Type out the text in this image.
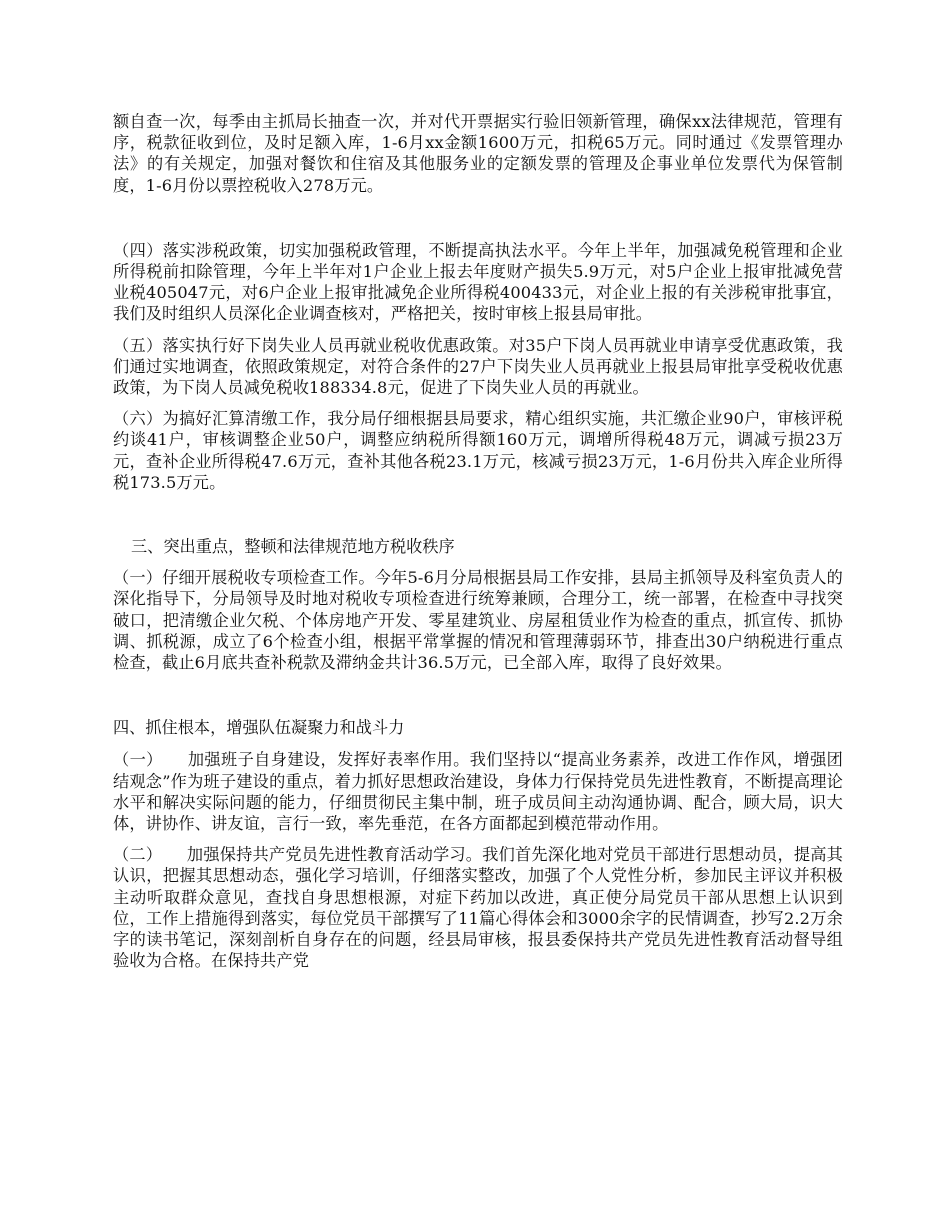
额自查一次，每季由主抓局长抽查一次，并对代开票据实行验旧领新管理，确保xx法律规范，管理有序，税款征收到位，及时足额入库，1-6月xx金额1600万元，扣税65万元。同时通过《发票管理办法》的有关规定，加强对餐饮和住宿及其他服务业的定额发票的管理及企事业单位发票代为保管制度，1-6月份以票控税收入278万元。

（四）落实涉税政策，切实加强税政管理，不断提高执法水平。今年上半年，加强减免税管理和企业所得税前扣除管理，今年上半年对1户企业上报去年度财产损失5.9万元，对5户企业上报审批减免营业税405047元，对6户企业上报审批减免企业所得税400433元，对企业上报的有关涉税审批事宜，我们及时组织人员深化企业调查核对，严格把关，按时审核上报县局审批。

（五）落实执行好下岗失业人员再就业税收优惠政策。对35户下岗人员再就业申请享受优惠政策，我们通过实地调查，依照政策规定，对符合条件的27户下岗失业人员再就业上报县局审批享受税收优惠政策，为下岗人员减免税收188334.8元，促进了下岗失业人员的再就业。

（六）为搞好汇算清缴工作，我分局仔细根据县局要求，精心组织实施，共汇缴企业90户，审核评税约谈41户，审核调整企业50户，调整应纳税所得额160万元，调增所得税48万元，调减亏损23万元，查补企业所得税47.6万元，查补其他各税23.1万元，核减亏损23万元，1-6月份共入库企业所得税173.5万元。

三、突出重点，整顿和法律规范地方税收秩序

（一）仔细开展税收专项检查工作。今年5-6月分局根据县局工作安排，县局主抓领导及科室负责人的深化指导下，分局领导及时地对税收专项检查进行统筹兼顾，合理分工，统一部署，在检查中寻找突破口，把清缴企业欠税、个体房地产开发、零星建筑业、房屋租赁业作为检查的重点，抓宣传、抓协调、抓税源，成立了6个检查小组，根据平常掌握的情况和管理薄弱环节，排查出30户纳税进行重点检查，截止6月底共查补税款及滞纳金共计36.5万元，已全部入库，取得了良好效果。

四、抓住根本，增强队伍凝聚力和战斗力

（一）　　加强班子自身建设，发挥好表率作用。我们坚持以“提高业务素养，改进工作作风，增强团结观念”作为班子建设的重点，着力抓好思想政治建设，身体力行保持党员先进性教育，不断提高理论水平和解决实际问题的能力，仔细贯彻民主集中制，班子成员间主动沟通协调、配合，顾大局，识大体，讲协作、讲友谊，言行一致，率先垂范，在各方面都起到模范带动作用。

（二）　　加强保持共产党员先进性教育活动学习。我们首先深化地对党员干部进行思想动员，提高其认识，把握其思想动态，强化学习培训，仔细落实整改，加强了个人党性分析，参加民主评议并积极主动听取群众意见，查找自身思想根源，对症下药加以改进，真正使分局党员干部从思想上认识到位，工作上措施得到落实，每位党员干部撰写了11篇心得体会和3000余字的民情调查，抄写2.2万余字的读书笔记，深刻剖析自身存在的问题，经县局审核，报县委保持共产党员先进性教育活动督导组验收为合格。在保持共产党
